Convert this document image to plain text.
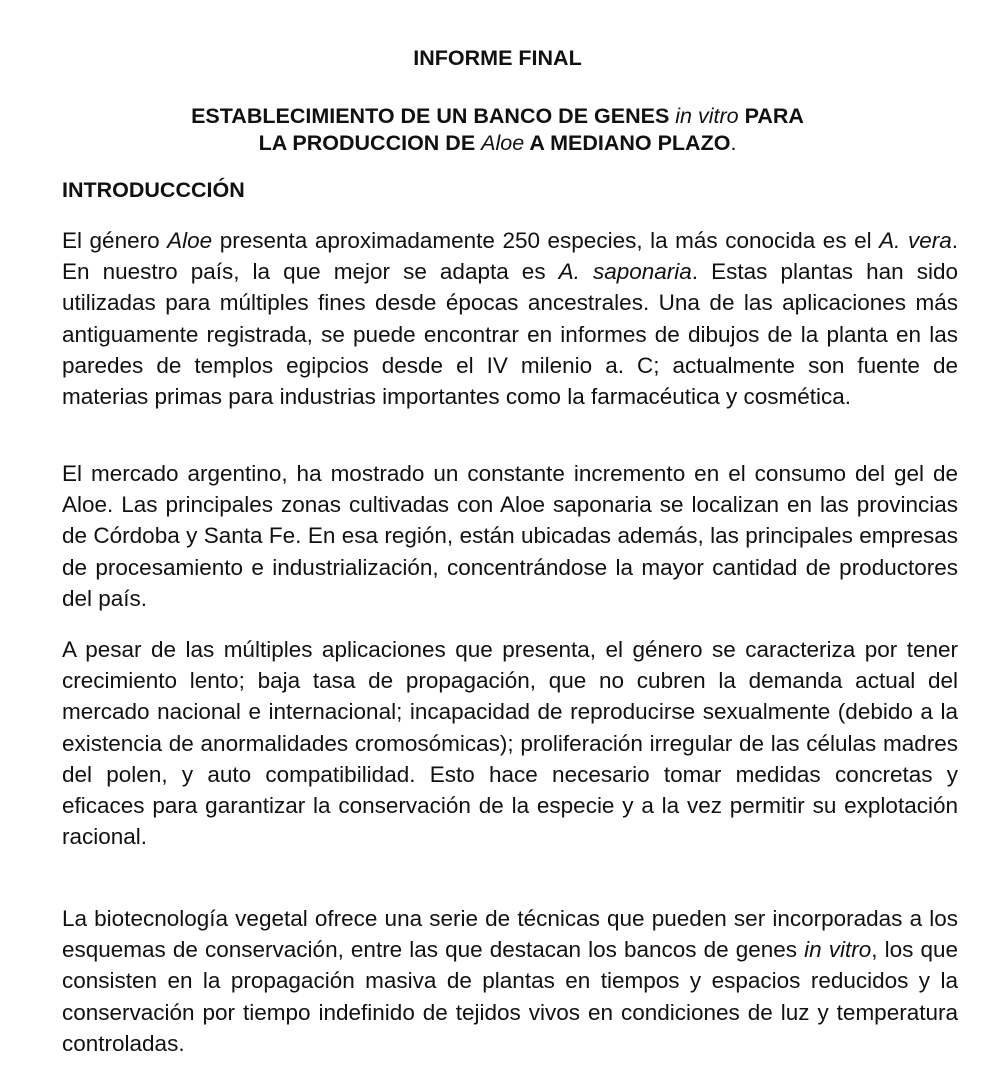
INFORME FINAL
ESTABLECIMIENTO DE UN BANCO DE GENES in vitro PARA
LA PRODUCCION DE Aloe A MEDIANO PLAZO.
INTRODUCCCIÓN

El género Aloe presenta aproximadamente 250 especies, la más conocida es el A. vera. En nuestro país, la que mejor se adapta es A. saponaria. Estas plantas han sido utilizadas para múltiples fines desde épocas ancestrales. Una de las aplicaciones más antiguamente registrada, se puede encontrar en informes de dibujos de la planta en las paredes de templos egipcios desde el IV milenio a. C; actualmente son fuente de materias primas para industrias importantes como la farmacéutica y cosmética.

El mercado argentino, ha mostrado un constante incremento en el consumo del gel de Aloe. Las principales zonas cultivadas con Aloe saponaria se localizan en las provincias de Córdoba y Santa Fe. En esa región, están ubicadas además, las principales empresas de procesamiento e industrialización, concentrándose la mayor cantidad de productores del país.

A pesar de las múltiples aplicaciones que presenta, el género se caracteriza por tener crecimiento lento; baja tasa de propagación, que no cubren la demanda actual del mercado nacional e internacional; incapacidad de reproducirse sexualmente (debido a la existencia de anormalidades cromosómicas); proliferación irregular de las células madres del polen, y auto compatibilidad. Esto hace necesario tomar medidas concretas y eficaces para garantizar la conservación de la especie y a la vez permitir su explotación racional.

La biotecnología vegetal ofrece una serie de técnicas que pueden ser incorporadas a los esquemas de conservación, entre las que destacan los bancos de genes in vitro, los que consisten en la propagación masiva de plantas en tiempos y espacios reducidos y la conservación por tiempo indefinido de tejidos vivos en condiciones de luz y temperatura controladas.
